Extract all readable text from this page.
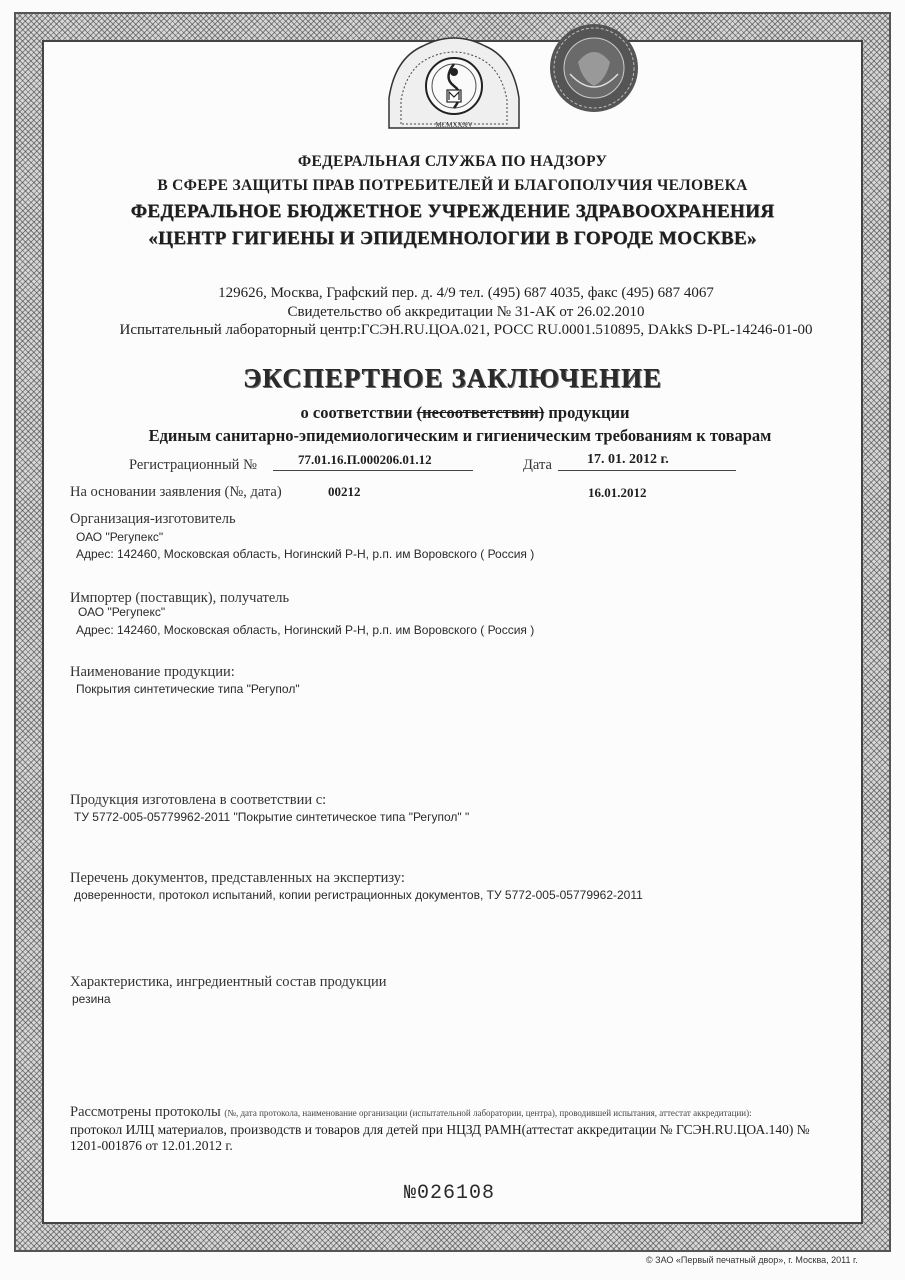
MCMXXXV

ФЕДЕРАЛЬНАЯ СЛУЖБА ПО НАДЗОРУ

В СФЕРЕ ЗАЩИТЫ ПРАВ ПОТРЕБИТЕЛЕЙ И БЛАГОПОЛУЧИЯ ЧЕЛОВЕКА

ФЕДЕРАЛЬНОЕ БЮДЖЕТНОЕ УЧРЕЖДЕНИЕ ЗДРАВООХРАНЕНИЯ

«ЦЕНТР ГИГИЕНЫ И ЭПИДЕМНОЛОГИИ В ГОРОДЕ МОСКВЕ»

129626, Москва, Графский пер. д. 4/9 тел. (495) 687 4035, факс (495) 687 4067

Свидетельство об аккредитации № 31-АК от 26.02.2010

Испытательный лабораторный центр:ГСЭН.RU.ЦОА.021, РОСС RU.0001.510895, DAkkS D-PL-14246-01-00

ЭКСПЕРТНОЕ ЗАКЛЮЧЕНИЕ

о соответствии (несоответствии) продукции

Единым санитарно-эпидемиологическим и гигиеническим требованиям к товарам

Регистрационный №	77.01.16.П.000206.01.12	Дата	17. 01. 2012 г.

На основании заявления (№, дата)	00212	16.01.2012

Организация-изготовитель

ОАО "Регупекс"

Адрес: 142460, Московская область, Ногинский Р-Н, р.п. им Воровского ( Россия )

Импортер (поставщик), получатель

ОАО "Регупекс"

Адрес: 142460, Московская область, Ногинский Р-Н, р.п. им Воровского ( Россия )

Наименование продукции:

Покрытия синтетические типа "Регупол"

Продукция изготовлена в соответствии с:

ТУ 5772-005-05779962-2011 "Покрытие синтетическое типа "Регупол" "

Перечень документов, представленных на экспертизу:

доверенности, протокол испытаний, копии регистрационных документов, ТУ 5772-005-05779962-2011

Характеристика, ингредиентный состав продукции

резина

Рассмотрены протоколы (№, дата протокола, наименование организации (испытательной лаборатории, центра), проводившей испытания, аттестат аккредитации):

протокол ИЛЦ материалов, производств и товаров для детей при НЦЗД РАМН(аттестат аккредитации № ГСЭН.RU.ЦОА.140) №

1201-001876 от 12.01.2012 г.

№026108

© ЗАО «Первый печатный двор», г. Москва, 2011 г.
